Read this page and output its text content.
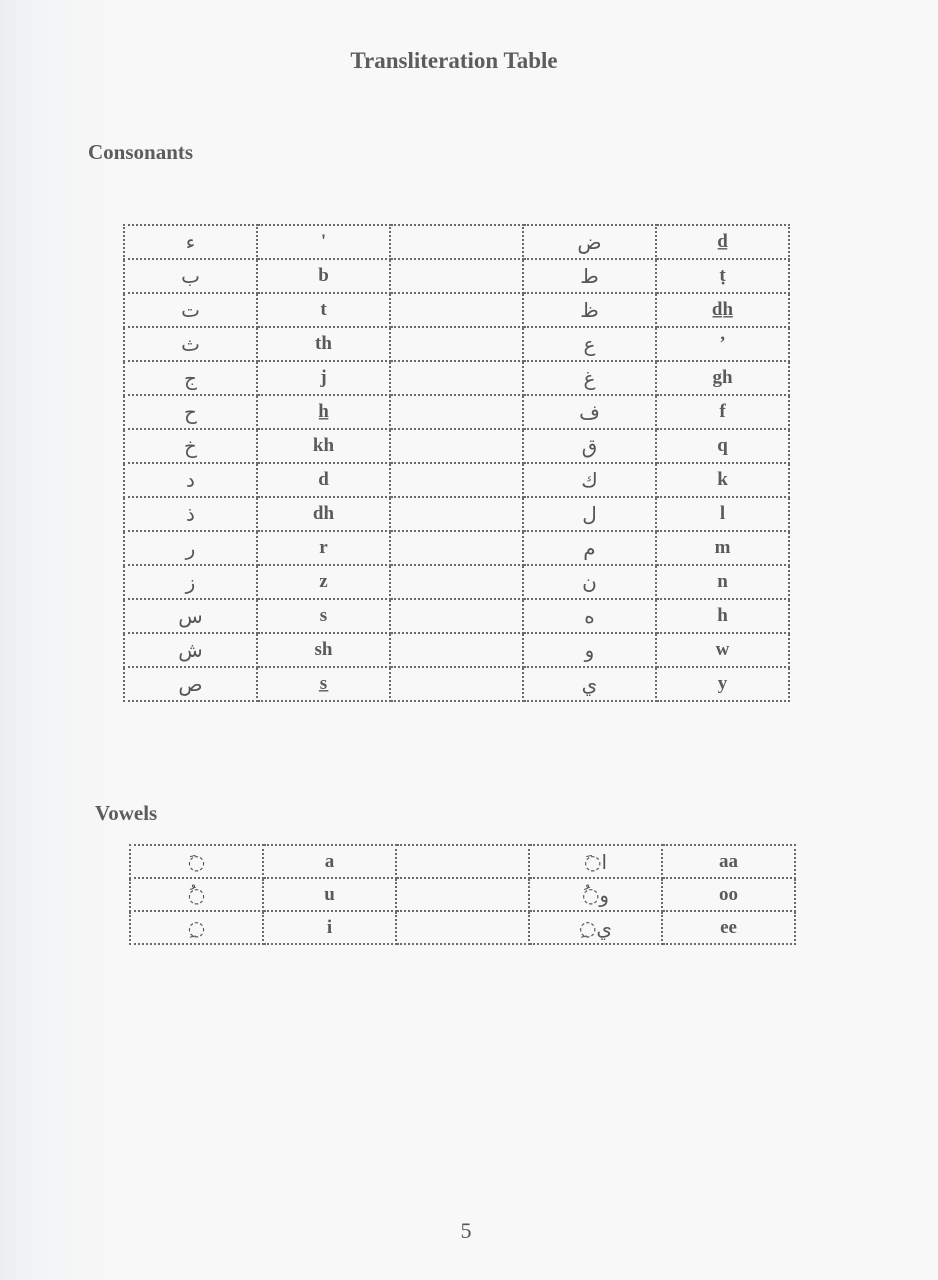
Transliteration Table
Consonants
ء	'		ض	d̲
ب	b		ط	ṭ
ت	t		ظ	d̲h̲
ث	th		ع	’
ج	j		غ	gh
ح	h̲		ف	f
خ	kh		ق	q
د	d		ك	k
ذ	dh		ل	l
ر	r		م	m
ز	z		ن	n
س	s		ه	h
ش	sh		و	w
ص	s̲		ي	y
Vowels
◌َ	a		◌َا	aa
◌ُ	u		◌ُو	oo
◌ِ	i		◌ِي	ee
5
